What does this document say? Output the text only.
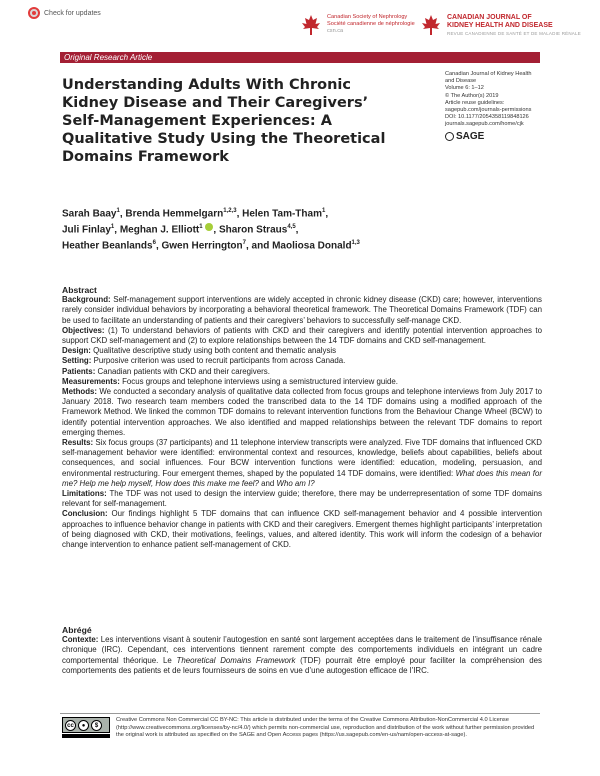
Check for updates
Canadian Society of Nephrology
Société canadienne de néphrologie
csn.ca
CANADIAN JOURNAL OF
KIDNEY HEALTH AND DISEASE
REVUE CANADIENNE DE SANTÉ ET DE MALADIE RÉNALE
Original Research Article
Understanding Adults With Chronic Kidney Disease and Their Caregivers’ Self-Management Experiences: A Qualitative Study Using the Theoretical Domains Framework
Canadian Journal of Kidney Health
and Disease
Volume 6: 1–12
© The Author(s) 2019
Article reuse guidelines:
sagepub.com/journals-permissions
DOI: 10.1177/2054358119848126
journals.sagepub.com/home/cjk
SAGE
Sarah Baay$^1$, Brenda Hemmelgarn$^{1,2,3}$, Helen Tam-Tham$^1$,
Juli Finlay$^1$, Meghan J. Elliott$^1$ , Sharon Straus$^{4,5}$,
Heather Beanlands$^6$, Gwen Herrington$^7$, and Maoliosa Donald$^{1,3}$
Abstract

Background: Self-management support interventions are widely accepted in chronic kidney disease (CKD) care; however, interventions rarely consider individual behaviors by incorporating a behavioral theoretical framework. The Theoretical Domains Framework (TDF) can be used to facilitate an understanding of patients and their caregivers’ behaviors to successfully self-manage CKD.

Objectives: (1) To understand behaviors of patients with CKD and their caregivers and identify potential intervention approaches to support CKD self-management and (2) to explore relationships between the 14 TDF domains and CKD self-management.

Design: Qualitative descriptive study using both content and thematic analysis

Setting: Purposive criterion was used to recruit participants from across Canada.

Patients: Canadian patients with CKD and their caregivers.

Measurements: Focus groups and telephone interviews using a semistructured interview guide.

Methods: We conducted a secondary analysis of qualitative data collected from focus groups and telephone interviews from July 2017 to January 2018. Two research team members coded the transcribed data to the 14 TDF domains using a modified approach of the Framework Method. We linked the common TDF domains to relevant intervention functions from the Behaviour Change Wheel (BCW) to identify potential intervention approaches. We also identified and mapped relationships between the relevant TDF domains to report emerging themes.

Results: Six focus groups (37 participants) and 11 telephone interview transcripts were analyzed. Five TDF domains that influenced CKD self-management behavior were identified: environmental context and resources, knowledge, beliefs about capabilities, beliefs about consequences, and social influences. Four BCW intervention functions were identified: education, modeling, persuasion, and environmental restructuring. Four emergent themes, shaped by the populated 14 TDF domains, were identified: What does this mean for me? Help me help myself, How does this make me feel? and Who am I?

Limitations: The TDF was not used to design the interview guide; therefore, there may be underrepresentation of some TDF domains relevant for self-management.

Conclusion: Our findings highlight 5 TDF domains that can influence CKD self-management behavior and 4 possible intervention approaches to influence behavior change in patients with CKD and their caregivers. Emergent themes highlight participants’ interpretation of being diagnosed with CKD, their motivations, feelings, values, and altered identity. This work will inform the codesign of a behavior change intervention to enhance patient self-management of CKD.

Abrégé

Contexte: Les interventions visant à soutenir l’autogestion en santé sont largement acceptées dans le traitement de l’insuffisance rénale chronique (IRC). Cependant, ces interventions tiennent rarement compte des comportements individuels en intégrant un cadre comportemental théorique. Le Theoretical Domains Framework (TDF) pourrait être employé pour faciliter la compréhension des comportements des patients et de leurs fournisseurs de soins en vue d’une autogestion efficace de l’IRC.

cc	●	$
Creative Commons Non Commercial CC BY-NC: This article is distributed under the terms of the Creative Commons Attribution-NonCommercial 4.0 License (http://www.creativecommons.org/licenses/by-nc/4.0/) which permits non-commercial use, reproduction and distribution of the work without further permission provided the original work is attributed as specified on the SAGE and Open Access pages (https://us.sagepub.com/en-us/nam/open-access-at-sage).
